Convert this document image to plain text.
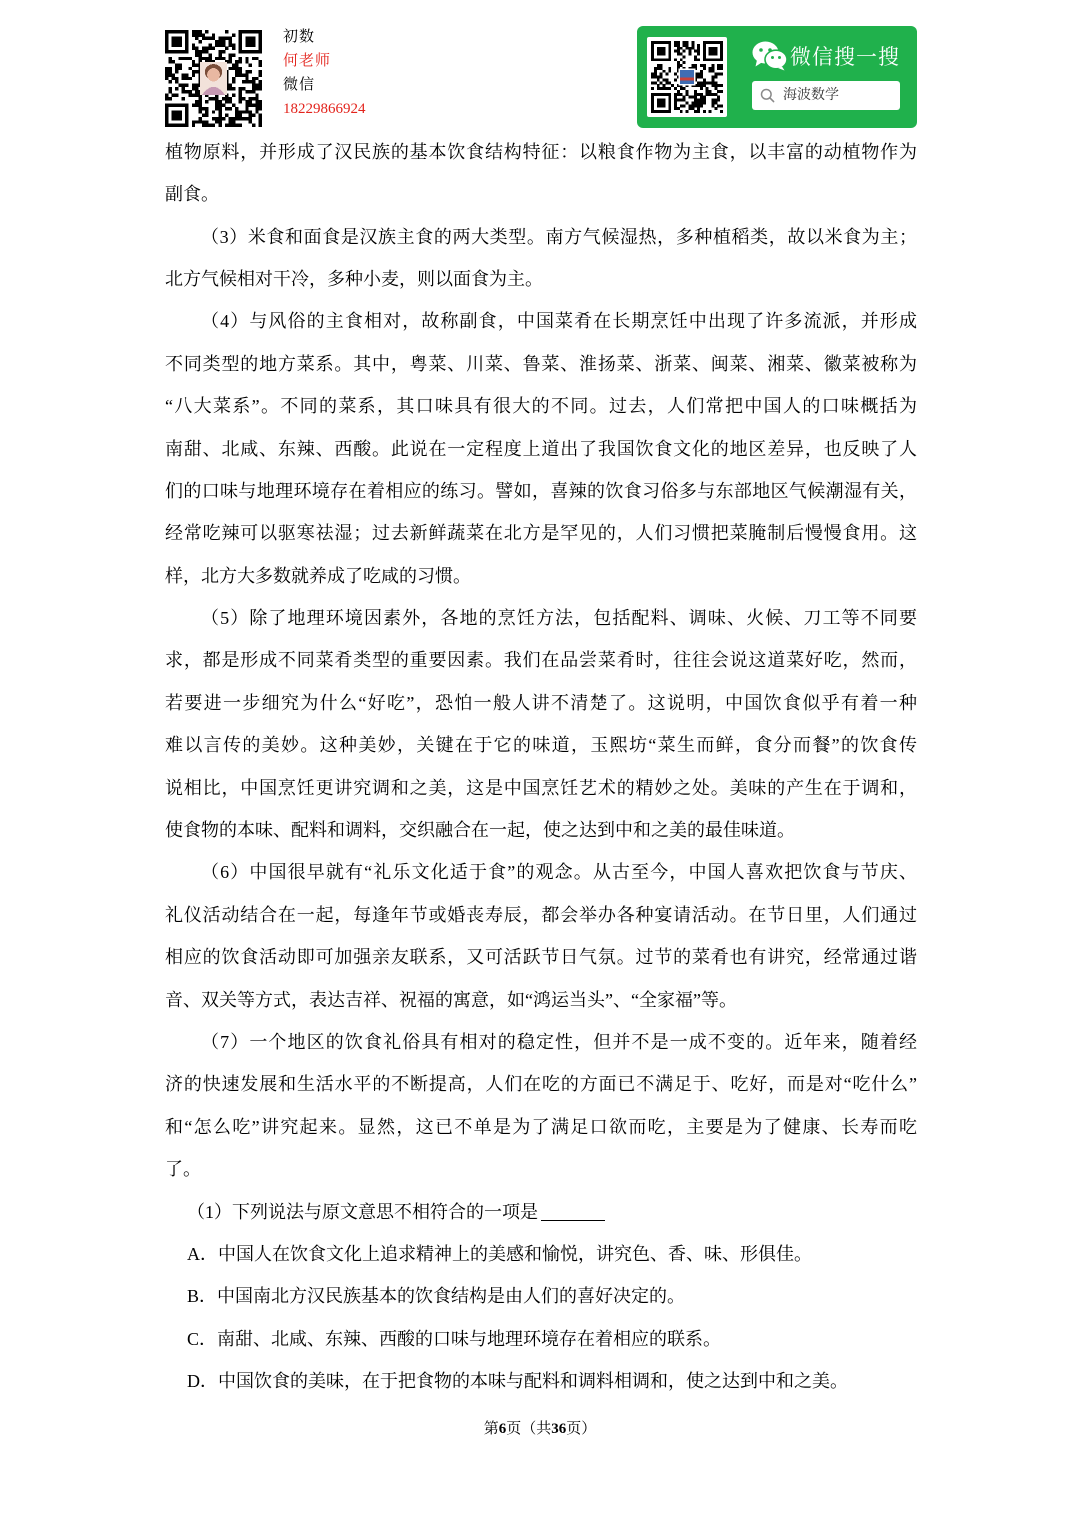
初数
何老师
微信
18229866924
微信搜一搜
海波数学
植物原料，并形成了汉民族的基本饮食结构特征：以粮食作物为主食，以丰富的动植物作为
副食。
（3）米食和面食是汉族主食的两大类型。南方气候湿热，多种植稻类，故以米食为主；
北方气候相对干冷，多种小麦，则以面食为主。
（4）与风俗的主食相对，故称副食，中国菜肴在长期烹饪中出现了许多流派，并形成
不同类型的地方菜系。其中，粤菜、川菜、鲁菜、淮扬菜、浙菜、闽菜、湘菜、徽菜被称为
“八大菜系”。不同的菜系，其口味具有很大的不同。过去，人们常把中国人的口味概括为
南甜、北咸、东辣、西酸。此说在一定程度上道出了我国饮食文化的地区差异，也反映了人
们的口味与地理环境存在着相应的练习。譬如，喜辣的饮食习俗多与东部地区气候潮湿有关，
经常吃辣可以驱寒祛湿；过去新鲜蔬菜在北方是罕见的，人们习惯把菜腌制后慢慢食用。这
样，北方大多数就养成了吃咸的习惯。
（5）除了地理环境因素外，各地的烹饪方法，包括配料、调味、火候、刀工等不同要
求，都是形成不同菜肴类型的重要因素。我们在品尝菜肴时，往往会说这道菜好吃，然而，
若要进一步细究为什么“好吃”，恐怕一般人讲不清楚了。这说明，中国饮食似乎有着一种
难以言传的美妙。这种美妙，关键在于它的味道，玉熙坊“菜生而鲜，食分而餐”的饮食传
说相比，中国烹饪更讲究调和之美，这是中国烹饪艺术的精妙之处。美味的产生在于调和，
使食物的本味、配料和调料，交织融合在一起，使之达到中和之美的最佳味道。
（6）中国很早就有“礼乐文化适于食”的观念。从古至今，中国人喜欢把饮食与节庆、
礼仪活动结合在一起，每逢年节或婚丧寿辰，都会举办各种宴请活动。在节日里，人们通过
相应的饮食活动即可加强亲友联系，又可活跃节日气氛。过节的菜肴也有讲究，经常通过谐
音、双关等方式，表达吉祥、祝福的寓意，如“鸿运当头”、“全家福”等。
（7）一个地区的饮食礼俗具有相对的稳定性，但并不是一成不变的。近年来，随着经
济的快速发展和生活水平的不断提高，人们在吃的方面已不满足于、吃好，而是对“吃什么”
和“怎么吃”讲究起来。显然，这已不单是为了满足口欲而吃，主要是为了健康、长寿而吃
了。
（1）下列说法与原文意思不相符合的一项是
A．中国人在饮食文化上追求精神上的美感和愉悦，讲究色、香、味、形俱佳。
B．中国南北方汉民族基本的饮食结构是由人们的喜好决定的。
C．南甜、北咸、东辣、西酸的口味与地理环境存在着相应的联系。
D．中国饮食的美味，在于把食物的本味与配料和调料相调和，使之达到中和之美。
第6页（共36页）
